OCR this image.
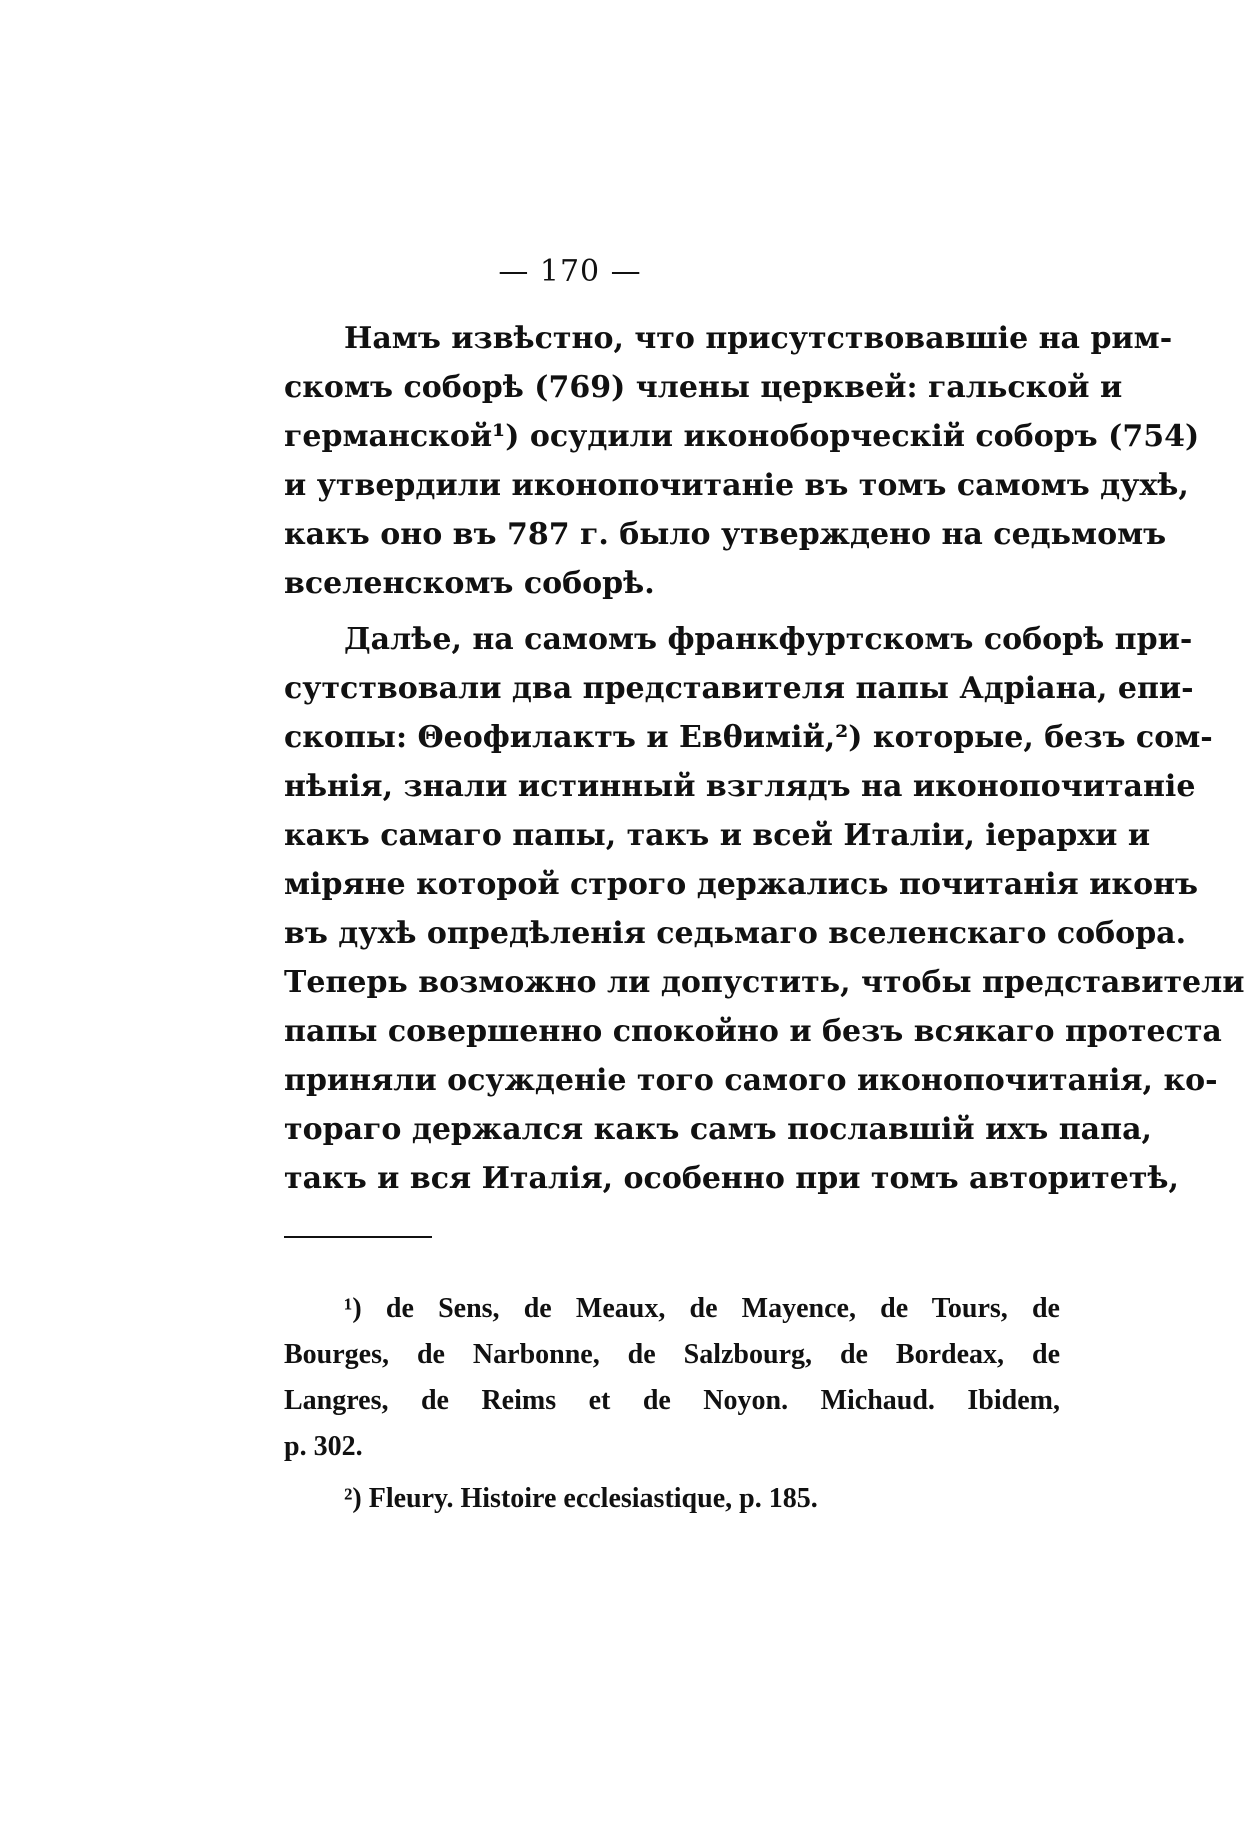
— 170 —
Намъ извѣстно, что присутствовавшіе на рим-
скомъ соборѣ (769) члены церквей: гальской и
германской¹) осудили иконоборческій соборъ (754)
и утвердили иконопочитаніе въ томъ самомъ духѣ,
какъ оно въ 787 г. было утверждено на седьмомъ
вселенскомъ соборѣ.
Далѣе, на самомъ франкфуртскомъ соборѣ при-
сутствовали два представителя папы Адріана, епи-
скопы: Θеофилактъ и Евθимій,²) которые, безъ сом-
нѣнія, знали истинный взглядъ на иконопочитаніе
какъ самаго папы, такъ и всей Италіи, іерархи и
міряне которой строго держались почитанія иконъ
въ духѣ опредѣленія седьмаго вселенскаго собора.
Теперь возможно ли допустить, чтобы представители
папы совершенно спокойно и безъ всякаго протеста
приняли осужденіе того самого иконопочитанія, ко-
тораго держался какъ самъ пославшій ихъ папа,
такъ и вся Италія, особенно при томъ авторитетѣ,
¹) de Sens, de Meaux, de Mayence, de Tours, de
Bourges, de Narbonne, de Salzbourg, de Bordeax, de
Langres, de Reims et de Noyon. Michaud. Ibidem,
p. 302.
²) Fleury. Histoire ecclesiastique, p. 185.
